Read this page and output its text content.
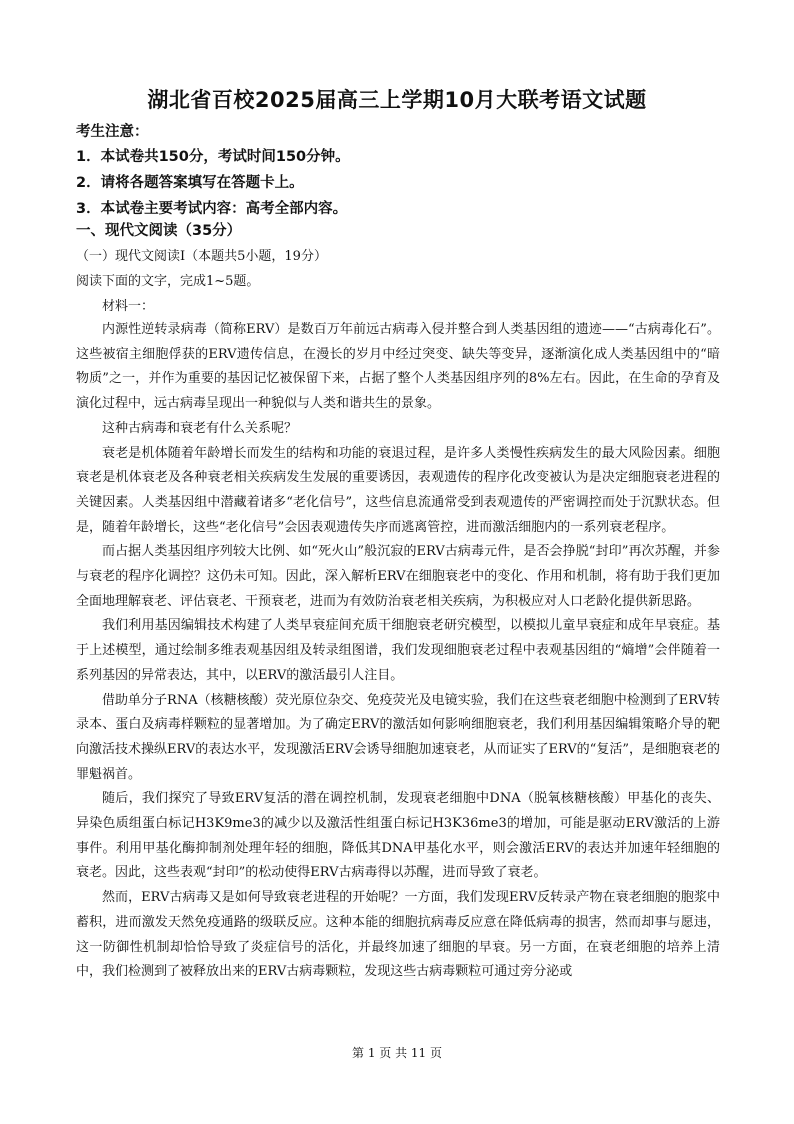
湖北省百校2025届高三上学期10月大联考语文试题
考生注意：
1．本试卷共150分，考试时间150分钟。
2．请将各题答案填写在答题卡上。
3．本试卷主要考试内容：高考全部内容。
一、现代文阅读（35分）
（一）现代文阅读Ⅰ（本题共5小题，19分）
阅读下面的文字，完成1~5题。
材料一：

内源性逆转录病毒（简称ERV）是数百万年前远古病毒入侵并整合到人类基因组的遗迹——“古病毒化石”。这些被宿主细胞俘获的ERV遗传信息，在漫长的岁月中经过突变、缺失等变异，逐渐演化成人类基因组中的“暗物质”之一，并作为重要的基因记忆被保留下来，占据了整个人类基因组序列的8%左右。因此，在生命的孕育及演化过程中，远古病毒呈现出一种貌似与人类和谐共生的景象。

这种古病毒和衰老有什么关系呢？

衰老是机体随着年龄增长而发生的结构和功能的衰退过程，是许多人类慢性疾病发生的最大风险因素。细胞衰老是机体衰老及各种衰老相关疾病发生发展的重要诱因，表观遗传的程序化改变被认为是决定细胞衰老进程的关键因素。人类基因组中潜藏着诸多“老化信号”，这些信息流通常受到表观遗传的严密调控而处于沉默状态。但是，随着年龄增长，这些“老化信号”会因表观遗传失序而逃离管控，进而激活细胞内的一系列衰老程序。

而占据人类基因组序列较大比例、如“死火山”般沉寂的ERV古病毒元件，是否会挣脱“封印”再次苏醒，并参与衰老的程序化调控？这仍未可知。因此，深入解析ERV在细胞衰老中的变化、作用和机制，将有助于我们更加全面地理解衰老、评估衰老、干预衰老，进而为有效防治衰老相关疾病，为积极应对人口老龄化提供新思路。

我们利用基因编辑技术构建了人类早衰症间充质干细胞衰老研究模型，以模拟儿童早衰症和成年早衰症。基于上述模型，通过绘制多维表观基因组及转录组图谱，我们发现细胞衰老过程中表观基因组的“熵增”会伴随着一系列基因的异常表达，其中，以ERV的激活最引人注目。

借助单分子RNA（核糖核酸）荧光原位杂交、免疫荧光及电镜实验，我们在这些衰老细胞中检测到了ERV转录本、蛋白及病毒样颗粒的显著增加。为了确定ERV的激活如何影响细胞衰老，我们利用基因编辑策略介导的靶向激活技术操纵ERV的表达水平，发现激活ERV会诱导细胞加速衰老，从而证实了ERV的“复活”，是细胞衰老的罪魁祸首。

随后，我们探究了导致ERV复活的潜在调控机制，发现衰老细胞中DNA（脱氧核糖核酸）甲基化的丧失、异染色质组蛋白标记H3K9me3的减少以及激活性组蛋白标记H3K36me3的增加，可能是驱动ERV激活的上游事件。利用甲基化酶抑制剂处理年轻的细胞，降低其DNA甲基化水平，则会激活ERV的表达并加速年轻细胞的衰老。因此，这些表观“封印”的松动使得ERV古病毒得以苏醒，进而导致了衰老。

然而，ERV古病毒又是如何导致衰老进程的开始呢？一方面，我们发现ERV反转录产物在衰老细胞的胞浆中蓄积，进而激发天然免疫通路的级联反应。这种本能的细胞抗病毒反应意在降低病毒的损害，然而却事与愿违，这一防御性机制却恰恰导致了炎症信号的活化，并最终加速了细胞的早衰。另一方面，在衰老细胞的培养上清中，我们检测到了被释放出来的ERV古病毒颗粒，发现这些古病毒颗粒可通过旁分泌或

第 1 页 共 11 页
